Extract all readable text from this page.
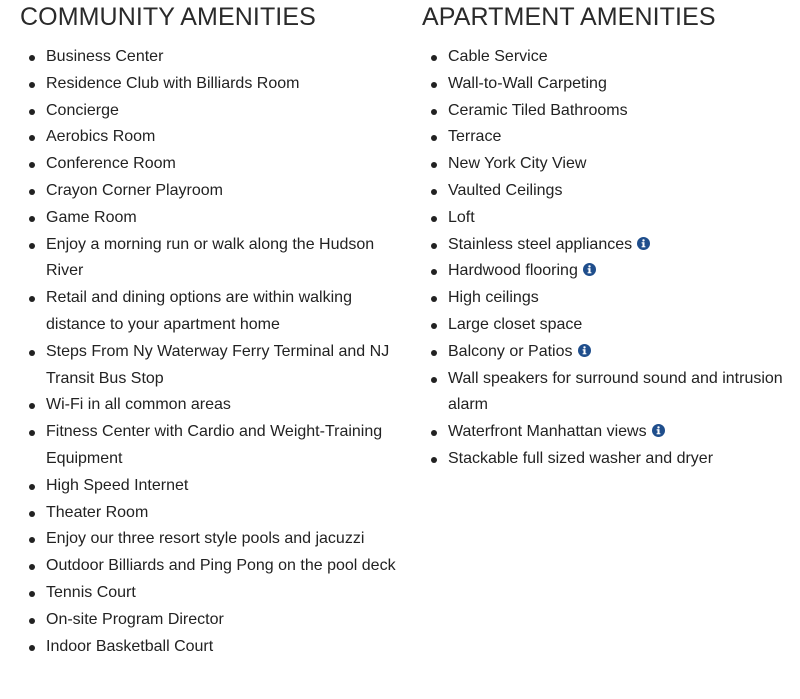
COMMUNITY AMENITIES
Business Center
Residence Club with Billiards Room
Concierge
Aerobics Room
Conference Room
Crayon Corner Playroom
Game Room
Enjoy a morning run or walk along the Hudson River
Retail and dining options are within walking distance to your apartment home
Steps From Ny Waterway Ferry Terminal and NJ Transit Bus Stop
Wi-Fi in all common areas
Fitness Center with Cardio and Weight-Training Equipment
High Speed Internet
Theater Room
Enjoy our three resort style pools and jacuzzi
Outdoor Billiards and Ping Pong on the pool deck
Tennis Court
On-site Program Director
Indoor Basketball Court
APARTMENT AMENITIES
Cable Service
Wall-to-Wall Carpeting
Ceramic Tiled Bathrooms
Terrace
New York City View
Vaulted Ceilings
Loft
Stainless steel appliances
Hardwood flooring
High ceilings
Large closet space
Balcony or Patios
Wall speakers for surround sound and intrusion alarm
Waterfront Manhattan views
Stackable full sized washer and dryer
